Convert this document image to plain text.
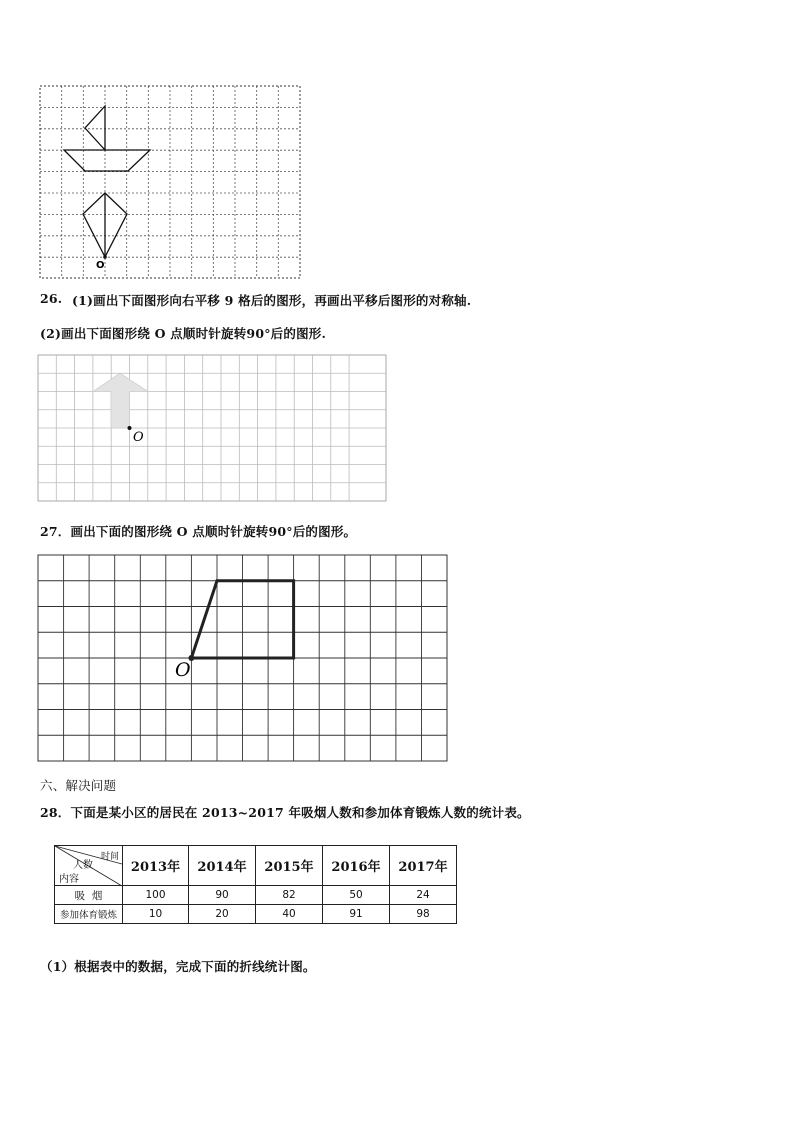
O
26. (1)画出下面图形向右平移 9 格后的图形，再画出平移后图形的对称轴.
(2)画出下面图形绕 O 点顺时针旋转90°后的图形.
O
27．画出下面的图形绕 O 点顺时针旋转90°后的图形。
O
六、解决问题
28．下面是某小区的居民在 2013~2017 年吸烟人数和参加体育锻炼人数的统计表。
时间
人数
内容	2013年	2014年	2015年	2016年	2017年
吸  烟	100	90	82	50	24
参加体育锻炼	10	20	40	91	98
（1）根据表中的数据，完成下面的折线统计图。
